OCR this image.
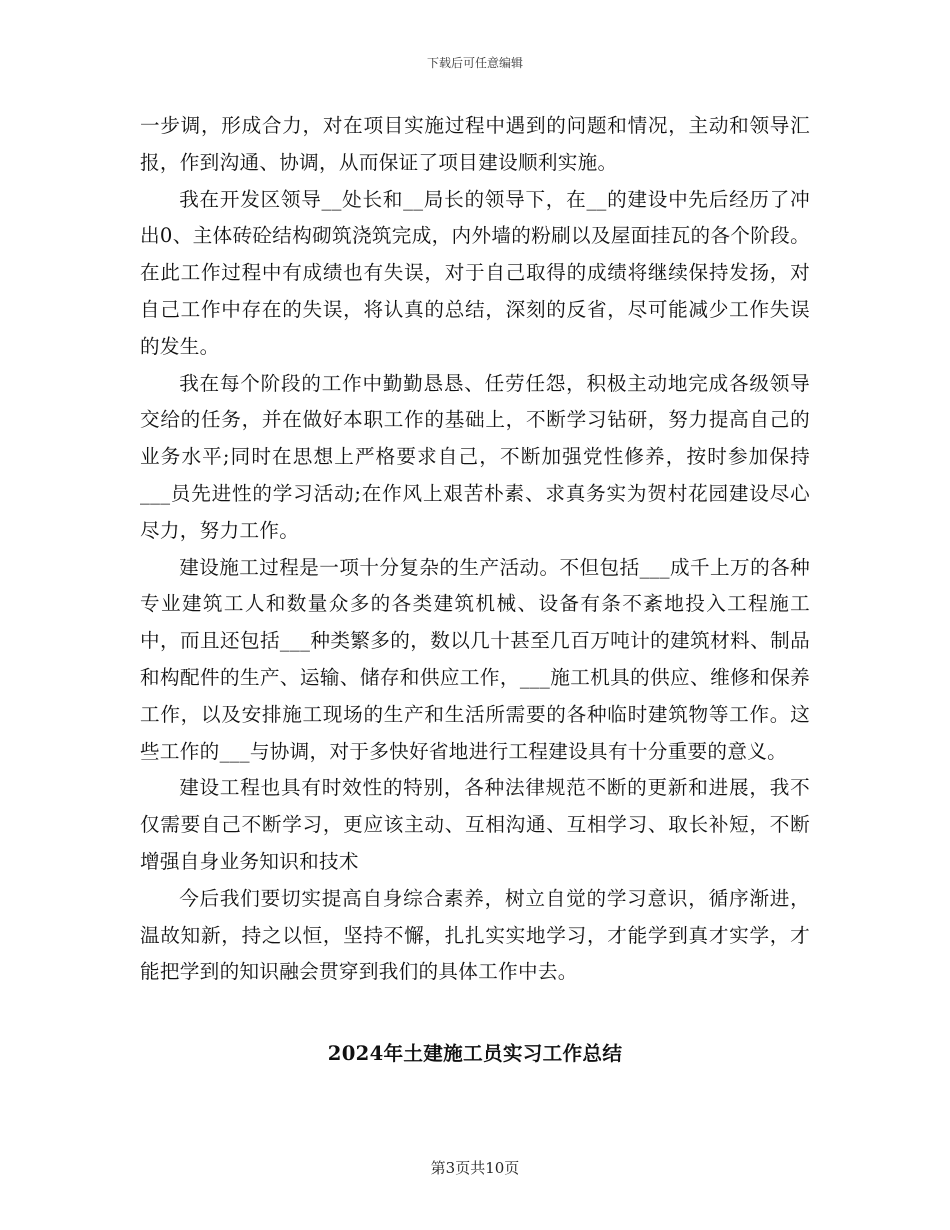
下载后可任意编辑

一步调，形成合力，对在项目实施过程中遇到的问题和情况，主动和领导汇报，作到沟通、协调，从而保证了项目建设顺利实施。

我在开发区领导__处长和__局长的领导下，在__的建设中先后经历了冲出0、主体砖砼结构砌筑浇筑完成，内外墙的粉刷以及屋面挂瓦的各个阶段。在此工作过程中有成绩也有失误，对于自己取得的成绩将继续保持发扬，对自己工作中存在的失误，将认真的总结，深刻的反省，尽可能减少工作失误的发生。

我在每个阶段的工作中勤勤恳恳、任劳任怨，积极主动地完成各级领导交给的任务，并在做好本职工作的基础上，不断学习钻研，努力提高自己的业务水平;同时在思想上严格要求自己，不断加强党性修养，按时参加保持___员先进性的学习活动;在作风上艰苦朴素、求真务实为贺村花园建设尽心尽力，努力工作。

建设施工过程是一项十分复杂的生产活动。不但包括___成千上万的各种专业建筑工人和数量众多的各类建筑机械、设备有条不紊地投入工程施工中，而且还包括___种类繁多的，数以几十甚至几百万吨计的建筑材料、制品和构配件的生产、运输、储存和供应工作，___施工机具的供应、维修和保养工作，以及安排施工现场的生产和生活所需要的各种临时建筑物等工作。这些工作的___与协调，对于多快好省地进行工程建设具有十分重要的意义。

建设工程也具有时效性的特别，各种法律规范不断的更新和进展，我不仅需要自己不断学习，更应该主动、互相沟通、互相学习、取长补短，不断增强自身业务知识和技术

今后我们要切实提高自身综合素养，树立自觉的学习意识，循序渐进，温故知新，持之以恒，坚持不懈，扎扎实实地学习，才能学到真才实学，才能把学到的知识融会贯穿到我们的具体工作中去。

2024年土建施工员实习工作总结
第3页共10页
